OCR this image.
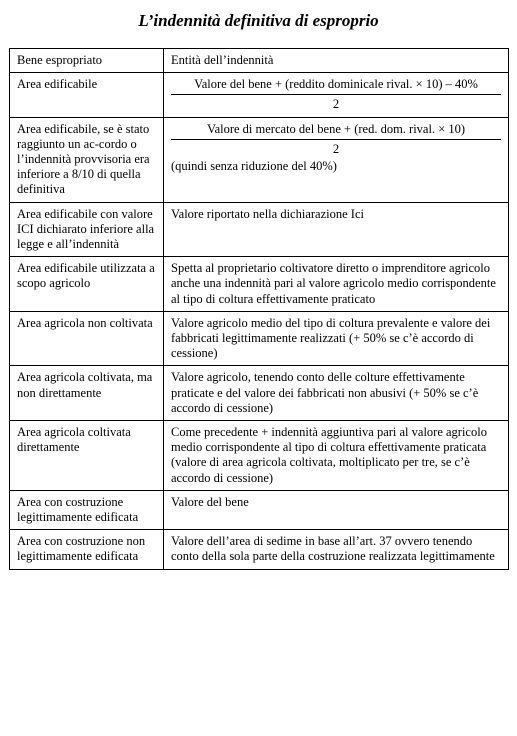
L’indennità definitiva di esproprio
Bene espropriato	Entità dell’indennità
Area edificabile	Valore del bene + (reddito dominicale rival. × 10) – 40%
2

Area edificabile, se è stato raggiunto un ac-cordo o l’indennità provvisoria era inferiore a 8/10 di quella definitiva	Valore di mercato del bene + (red. dom. rival. × 10)
2
(quindi senza riduzione del 40%)

Area edificabile con valore ICI dichiarato inferiore alla legge e all’indennità	Valore riportato nella dichiarazione Ici
Area edificabile utilizzata a scopo agricolo	Spetta al proprietario coltivatore diretto o imprenditore agricolo anche una indennità pari al valore agricolo medio corrispondente al tipo di coltura effettivamente praticato
Area agricola non coltivata	Valore agricolo medio del tipo di coltura prevalente e valore dei fabbricati legittimamente realizzati (+ 50% se c’è accordo di cessione)
Area agricola coltivata, ma non direttamente	Valore agricolo, tenendo conto delle colture effettivamente praticate e del valore dei fabbricati non abusivi (+ 50% se c’è accordo di cessione)
Area agricola coltivata direttamente	Come precedente + indennità aggiuntiva pari al valore agricolo medio corrispondente al tipo di coltura effettivamente praticata (valore di area agricola coltivata, moltiplicato per tre, se c’è accordo di cessione)
Area con costruzione legittimamente edificata	Valore del bene
Area con costruzione non legittimamente edificata	Valore dell’area di sedime in base all’art. 37 ovvero tenendo conto della sola parte della costruzione realizzata legittimamente
